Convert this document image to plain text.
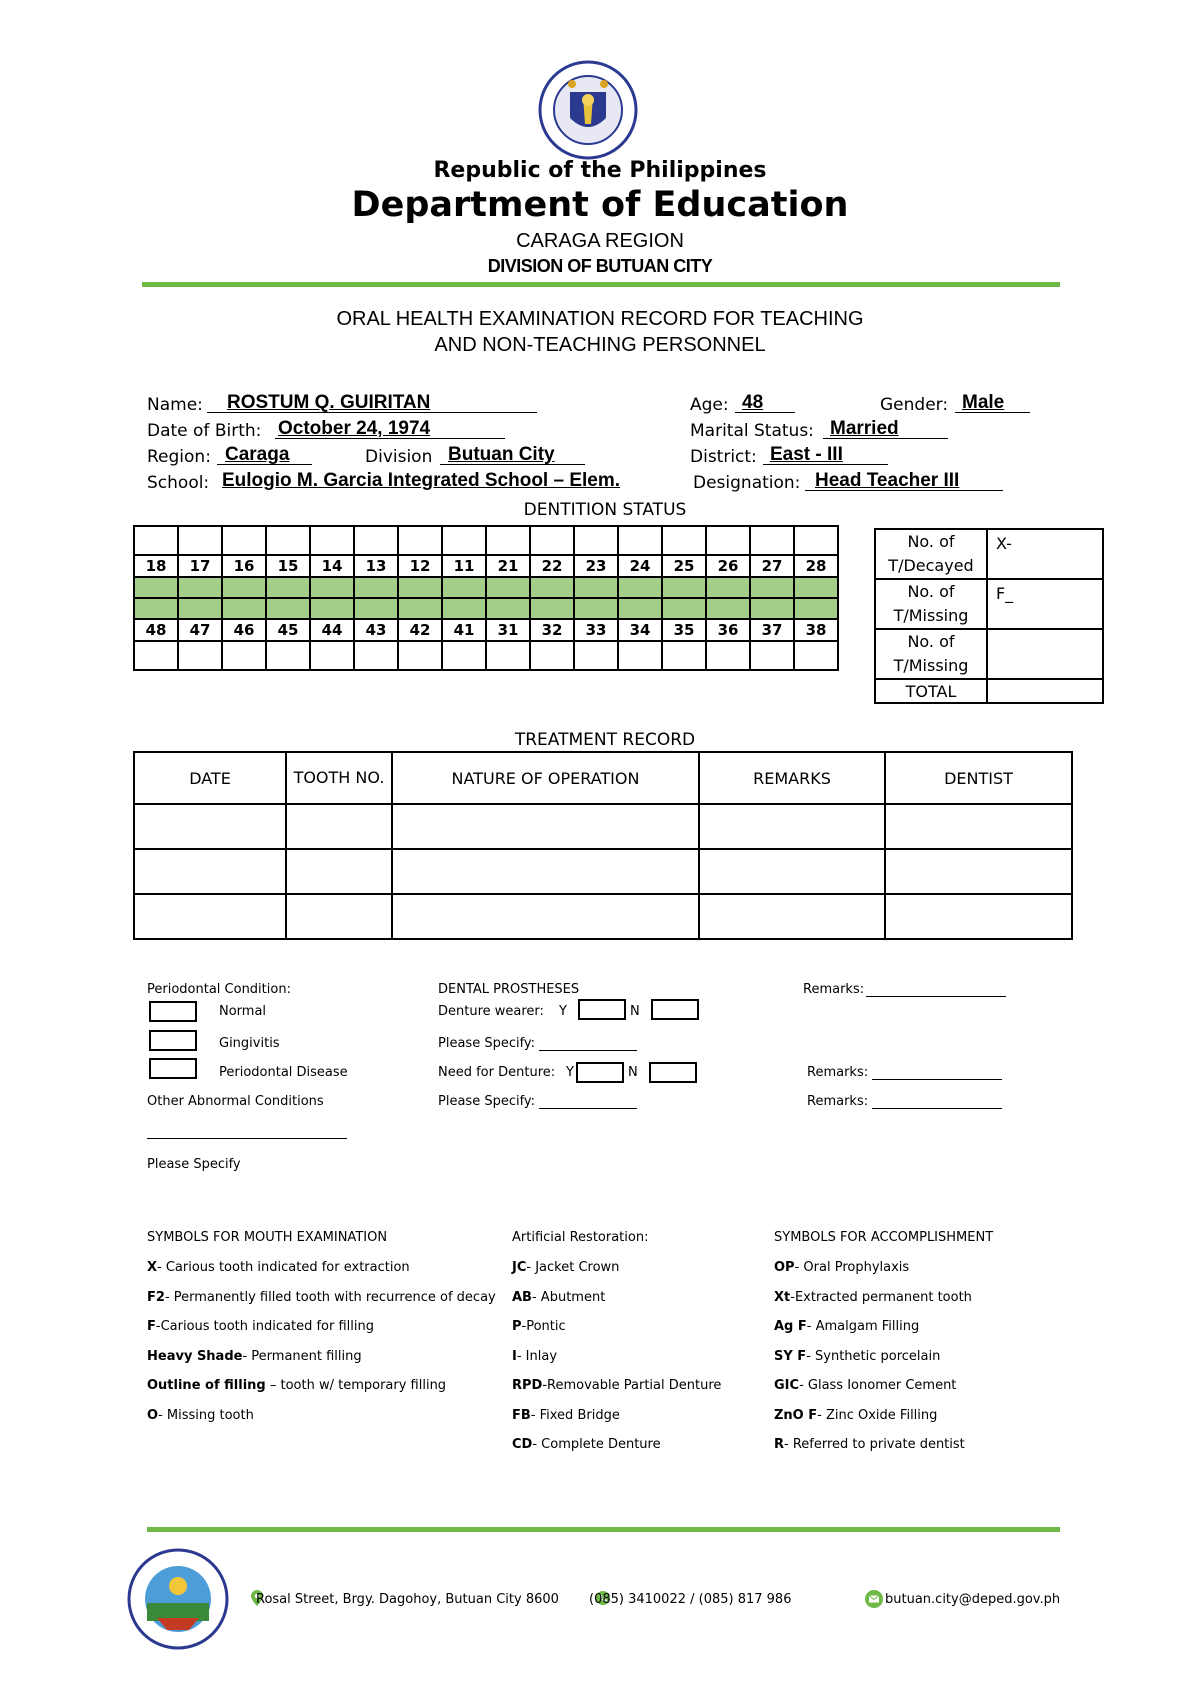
Republic of the Philippines
Department of Education
CARAGA REGION
DIVISION OF BUTUAN CITY
ORAL HEALTH EXAMINATION RECORD FOR TEACHING
AND NON-TEACHING PERSONNEL
Name: ROSTUM Q. GUIRITAN	Age: 48	Gender: Male
Date of Birth: October 24, 1974	Marital Status: Married
Region: Caraga	Division Butuan City	District: East - III
School: Eulogio M. Garcia Integrated School – Elem.	Designation: Head Teacher III
DENTITION STATUS

18	17	16	15	14	13	12	11	21	22	23	24	25	26	27	28

48	47	46	45	44	43	42	41	31	32	33	34	35	36	37	38

No. of
T/Decayed	X-

No. of
T/Missing	F_

No. of
T/Missing	

TOTAL	
TREATMENT RECORD
DATE	TOOTH NO.	NATURE OF OPERATION	REMARKS	DENTIST

Periodontal Condition:
Normal
Gingivitis
Periodontal Disease
Other Abnormal Conditions
Please Specify
DENTAL PROSTHESES
Denture wearer: Y	N
Please Specify:
Need for Denture: Y	N
Please Specify:
Remarks:
Remarks:
Remarks:
SYMBOLS FOR MOUTH EXAMINATION
X- Carious tooth indicated for extraction
F2- Permanently filled tooth with recurrence of decay
F-Carious tooth indicated for filling
Heavy Shade- Permanent filling
Outline of filling – tooth w/ temporary filling
O- Missing tooth
Artificial Restoration:
JC- Jacket Crown
AB- Abutment
P-Pontic
I- Inlay
RPD-Removable Partial Denture
FB- Fixed Bridge
CD- Complete Denture
SYMBOLS FOR ACCOMPLISHMENT
OP- Oral Prophylaxis
Xt-Extracted permanent tooth
Ag F- Amalgam Filling
SY F- Synthetic porcelain
GIC- Glass Ionomer Cement
ZnO F- Zinc Oxide Filling
R- Referred to private dentist
Rosal Street, Brgy. Dagohoy, Butuan City 8600 (085) 3410022 / (085) 817 986	butuan.city@deped.gov.ph
